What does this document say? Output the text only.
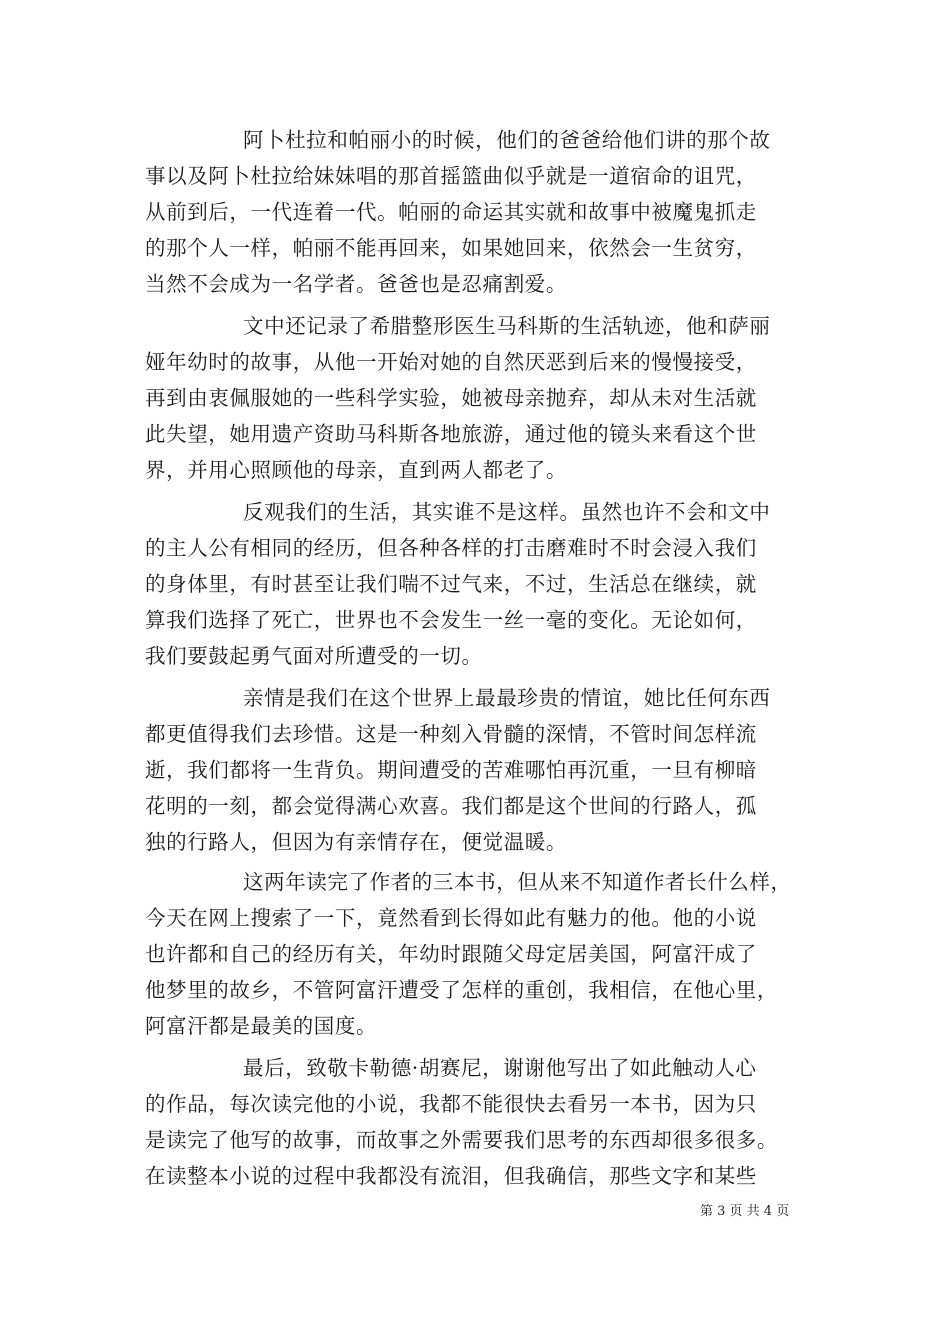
阿卜杜拉和帕丽小的时候，他们的爸爸给他们讲的那个故
事以及阿卜杜拉给妹妹唱的那首摇篮曲似乎就是一道宿命的诅咒，
从前到后，一代连着一代。帕丽的命运其实就和故事中被魔鬼抓走
的那个人一样，帕丽不能再回来，如果她回来，依然会一生贫穷，
当然不会成为一名学者。爸爸也是忍痛割爱。
文中还记录了希腊整形医生马科斯的生活轨迹，他和萨丽
娅年幼时的故事，从他一开始对她的自然厌恶到后来的慢慢接受，
再到由衷佩服她的一些科学实验，她被母亲抛弃，却从未对生活就
此失望，她用遗产资助马科斯各地旅游，通过他的镜头来看这个世
界，并用心照顾他的母亲，直到两人都老了。
反观我们的生活，其实谁不是这样。虽然也许不会和文中
的主人公有相同的经历，但各种各样的打击磨难时不时会浸入我们
的身体里，有时甚至让我们喘不过气来，不过，生活总在继续，就
算我们选择了死亡，世界也不会发生一丝一毫的变化。无论如何，
我们要鼓起勇气面对所遭受的一切。
亲情是我们在这个世界上最最珍贵的情谊，她比任何东西
都更值得我们去珍惜。这是一种刻入骨髓的深情，不管时间怎样流
逝，我们都将一生背负。期间遭受的苦难哪怕再沉重，一旦有柳暗
花明的一刻，都会觉得满心欢喜。我们都是这个世间的行路人，孤
独的行路人，但因为有亲情存在，便觉温暖。
这两年读完了作者的三本书，但从来不知道作者长什么样，
今天在网上搜索了一下，竟然看到长得如此有魅力的他。他的小说
也许都和自己的经历有关，年幼时跟随父母定居美国，阿富汗成了
他梦里的故乡，不管阿富汗遭受了怎样的重创，我相信，在他心里，
阿富汗都是最美的国度。
最后，致敬卡勒德·胡赛尼，谢谢他写出了如此触动人心
的作品，每次读完他的小说，我都不能很快去看另一本书，因为只
是读完了他写的故事，而故事之外需要我们思考的东西却很多很多。
在读整本小说的过程中我都没有流泪，但我确信，那些文字和某些
第 3 页 共 4 页
